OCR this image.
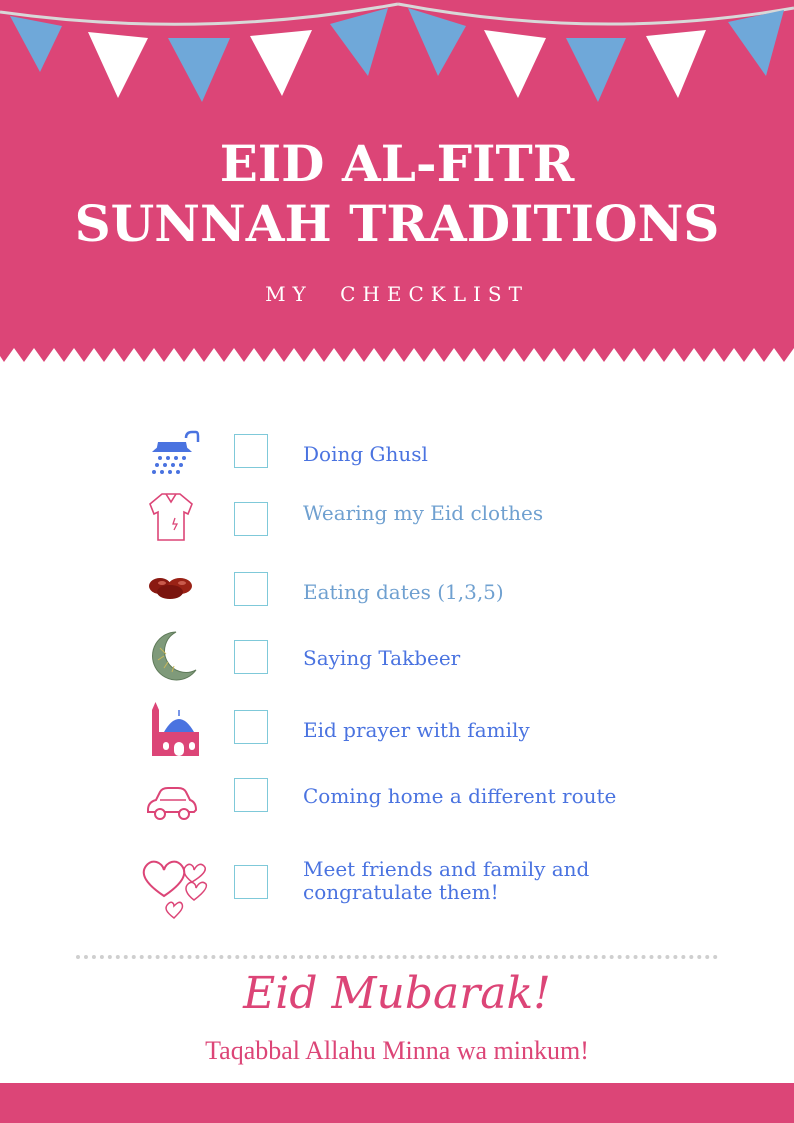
EID AL-FITR
SUNNAH TRADITIONS
MY CHECKLIST
Doing Ghusl
Wearing my Eid clothes
Eating dates (1,3,5)
Saying Takbeer
Eid prayer with family
Coming home a different route
Meet friends and family and congratulate them!
Eid Mubarak!
Taqabbal Allahu Minna wa minkum!
